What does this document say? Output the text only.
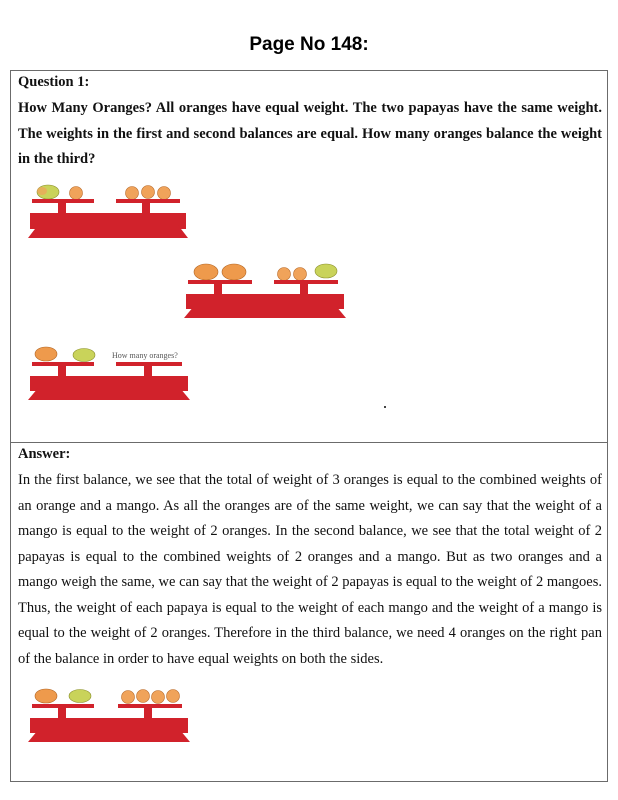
Page No 148:
Question 1:
How Many Oranges? All oranges have equal weight. The two papayas have the same weight. The weights in the first and second balances are equal. How many oranges balance the weight in the third?
How many oranges?
Answer:
In the first balance, we see that the total of weight of 3 oranges is equal to the combined weights of an orange and a mango. As all the oranges are of the same weight, we can say that the weight of a mango is equal to the weight of 2 oranges. In the second balance, we see that the total weight of 2 papayas is equal to the combined weights of 2 oranges and a mango. But as two oranges and a mango weigh the same, we can say that the weight of 2 papayas is equal to the weight of 2 mangoes. Thus, the weight of each papaya is equal to the weight of each mango and the weight of a mango is equal to the weight of 2 oranges. Therefore in the third balance, we need 4 oranges on the right pan of the balance in order to have equal weights on both the sides.
